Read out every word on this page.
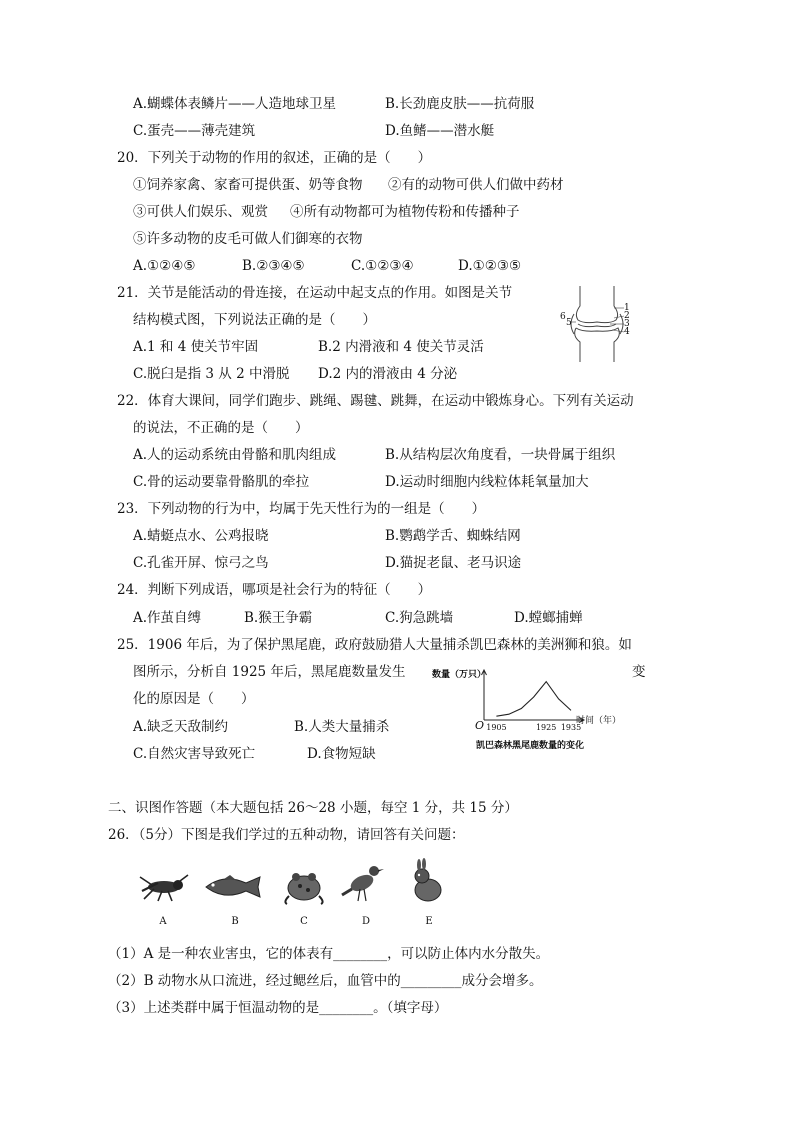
A.蝴蝶体表鳞片——人造地球卫星	B.长劲鹿皮肤——抗荷服
C.蛋壳——薄壳建筑	D.鱼鳍——潜水艇
20．下列关于动物的作用的叙述，正确的是（　　）
①饲养家禽、家畜可提供蛋、奶等食物 ②有的动物可供人们做中药材
③可供人们娱乐、观赏 ④所有动物都可为植物传粉和传播种子
⑤许多动物的皮毛可做人们御寒的衣物
A.①②④⑤	B.②③④⑤	C.①②③④	D.①②③⑤
21．关节是能活动的骨连接，在运动中起支点的作用。如图是关节
结构模式图，下列说法正确的是（　　）
A.1 和 4 使关节牢固	B.2 内滑液和 4 使关节灵活
C.脱臼是指 3 从 2 中滑脱 D.2 内的滑液由 4 分泌
1
2
3
4
5
6
22．体育大课间，同学们跑步、跳绳、踢毽、跳舞，在运动中锻炼身心。下列有关运动
的说法，不正确的是（　　）
A.人的运动系统由骨骼和肌肉组成	B.从结构层次角度看，一块骨属于组织
C.骨的运动要靠骨骼肌的牵拉	D.运动时细胞内线粒体耗氧量加大
23．下列动物的行为中，均属于先天性行为的一组是（　　）
A.蜻蜓点水、公鸡报晓	B.鹦鹉学舌、蜘蛛结网
C.孔雀开屏、惊弓之鸟	D.猫捉老鼠、老马识途
24．判断下列成语，哪项是社会行为的特征（　　）
A.作茧自缚	B.猴王争霸	C.狗急跳墙	D.螳螂捕蝉
25．1906 年后，为了保护黑尾鹿，政府鼓励猎人大量捕杀凯巴森林的美洲狮和狼。如
图所示，分析自 1925 年后，黑尾鹿数量发生	变
化的原因是（　　）
A.缺乏天敌制约	B.人类大量捕杀
C.自然灾害导致死亡	D.食物短缺
数量（万只）
1905	1925 1935
O	时间（年）
凯巴森林黑尾鹿数量的变化
二、识图作答题（本大题包括 26～28 小题，每空 1 分，共 15 分）
26．（5分）下图是我们学过的五种动物，请回答有关问题：
A	B	C	D	E
（1）A 是一种农业害虫，它的体表有________，可以防止体内水分散失。
（2）B 动物水从口流进，经过鳃丝后，血管中的_________成分会增多。
（3）上述类群中属于恒温动物的是________。（填字母）
